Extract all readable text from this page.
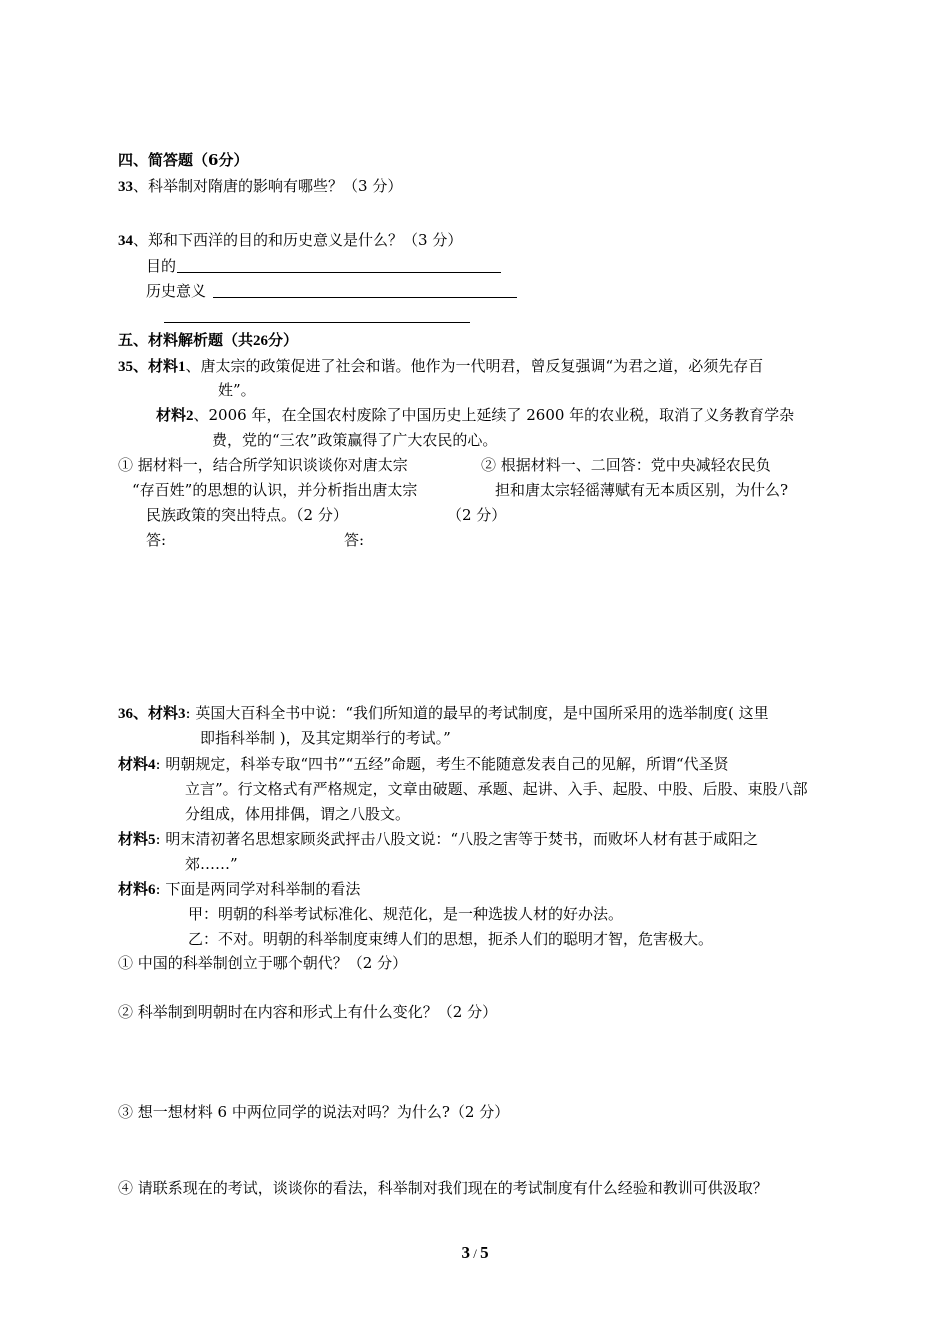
四、简答题（6分）
33、科举制对隋唐的影响有哪些？（3 分）
34、郑和下西洋的目的和历史意义是什么？（3 分）
目的
历史意义
五、材料解析题（共26分）
35、材料1、唐太宗的政策促进了社会和谐。他作为一代明君，曾反复强调“为君之道，必须先存百
姓”。
材料2、2006 年，在全国农村废除了中国历史上延续了 2600 年的农业税，取消了义务教育学杂
费，党的“三农”政策赢得了广大农民的心。
① 据材料一，结合所学知识谈谈你对唐太宗
“存百姓”的思想的认识，并分析指出唐太宗
民族政策的突出特点。（2 分）
答:
② 根据材料一、二回答：党中央减轻农民负
担和唐太宗轻徭薄赋有无本质区别，为什么?
（2 分）
答:
36、材料3: 英国大百科全书中说：“我们所知道的最早的考试制度，是中国所采用的选举制度( 这里
即指科举制 )，及其定期举行的考试。”
材料4: 明朝规定，科举专取“四书”“五经”命题，考生不能随意发表自己的见解，所谓“代圣贤
立言”。行文格式有严格规定，文章由破题、承题、起讲、入手、起股、中股、后股、束股八部
分组成，体用排偶，谓之八股文。
材料5: 明末清初著名思想家顾炎武抨击八股文说：“八股之害等于焚书，而败坏人材有甚于咸阳之
郊……”
材料6: 下面是两同学对科举制的看法
甲：明朝的科举考试标准化、规范化，是一种选拔人材的好办法。
乙：不对。明朝的科举制度束缚人们的思想，扼杀人们的聪明才智，危害极大。
① 中国的科举制创立于哪个朝代？（2 分）
② 科举制到明朝时在内容和形式上有什么变化？（2 分）
③ 想一想材料 6 中两位同学的说法对吗？为什么?（2 分）
④ 请联系现在的考试，谈谈你的看法，科举制对我们现在的考试制度有什么经验和教训可供汲取？
3 / 5
